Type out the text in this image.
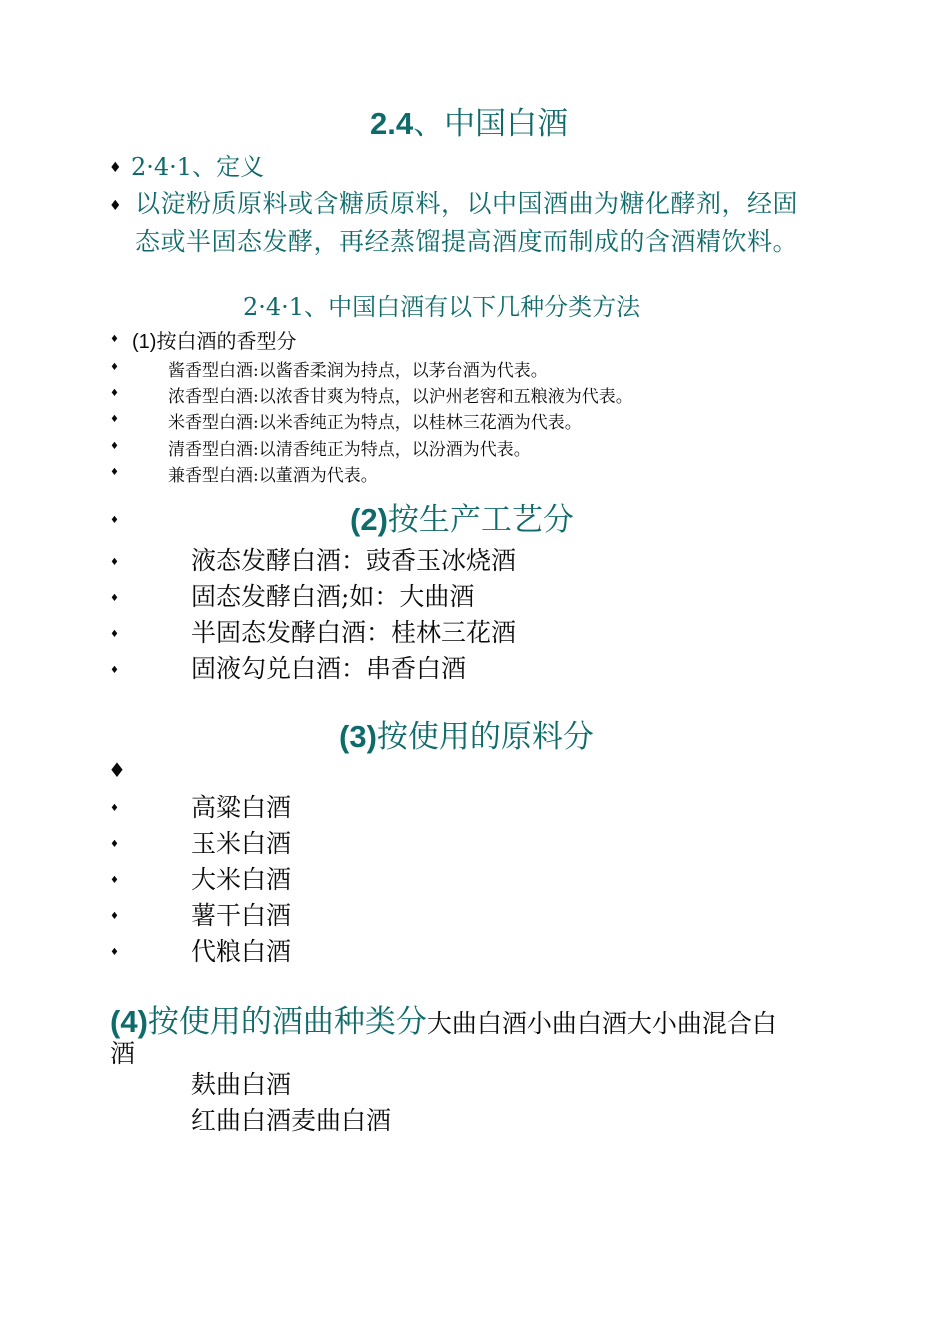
2.4、中国白酒
♦ 2·4·1、定义
♦ 以淀粉质原料或含糖质原料，以中国酒曲为糖化酵剂，经固
态或半固态发酵，再经蒸馏提高酒度而制成的含酒精饮料。
2·4·1、中国白酒有以下几种分类方法
♦ (1)按白酒的香型分
♦	酱香型白酒:以酱香柔润为持点，以茅台酒为代表。
♦	浓香型白酒:以浓香甘爽为特点，以沪州老窖和五粮液为代表。
♦	米香型白酒:以米香纯正为特点，以桂林三花酒为代表。
♦	清香型白酒:以清香纯正为特点，以汾酒为代表。
♦	兼香型白酒:以董酒为代表。
♦	(2)按生产工艺分
♦	液态发酵白酒：豉香玉冰烧酒
♦	固态发酵白酒;如：大曲酒
♦	半固态发酵白酒：桂林三花酒
♦	固液勾兑白酒：串香白酒
(3)按使用的原料分
♦
♦	高粱白酒
♦	玉米白酒
♦	大米白酒
♦	薯干白酒
♦	代粮白酒
(4)按使用的酒曲种类分大曲白酒小曲白酒大小曲混合白
酒
麸曲白酒
红曲白酒麦曲白酒
